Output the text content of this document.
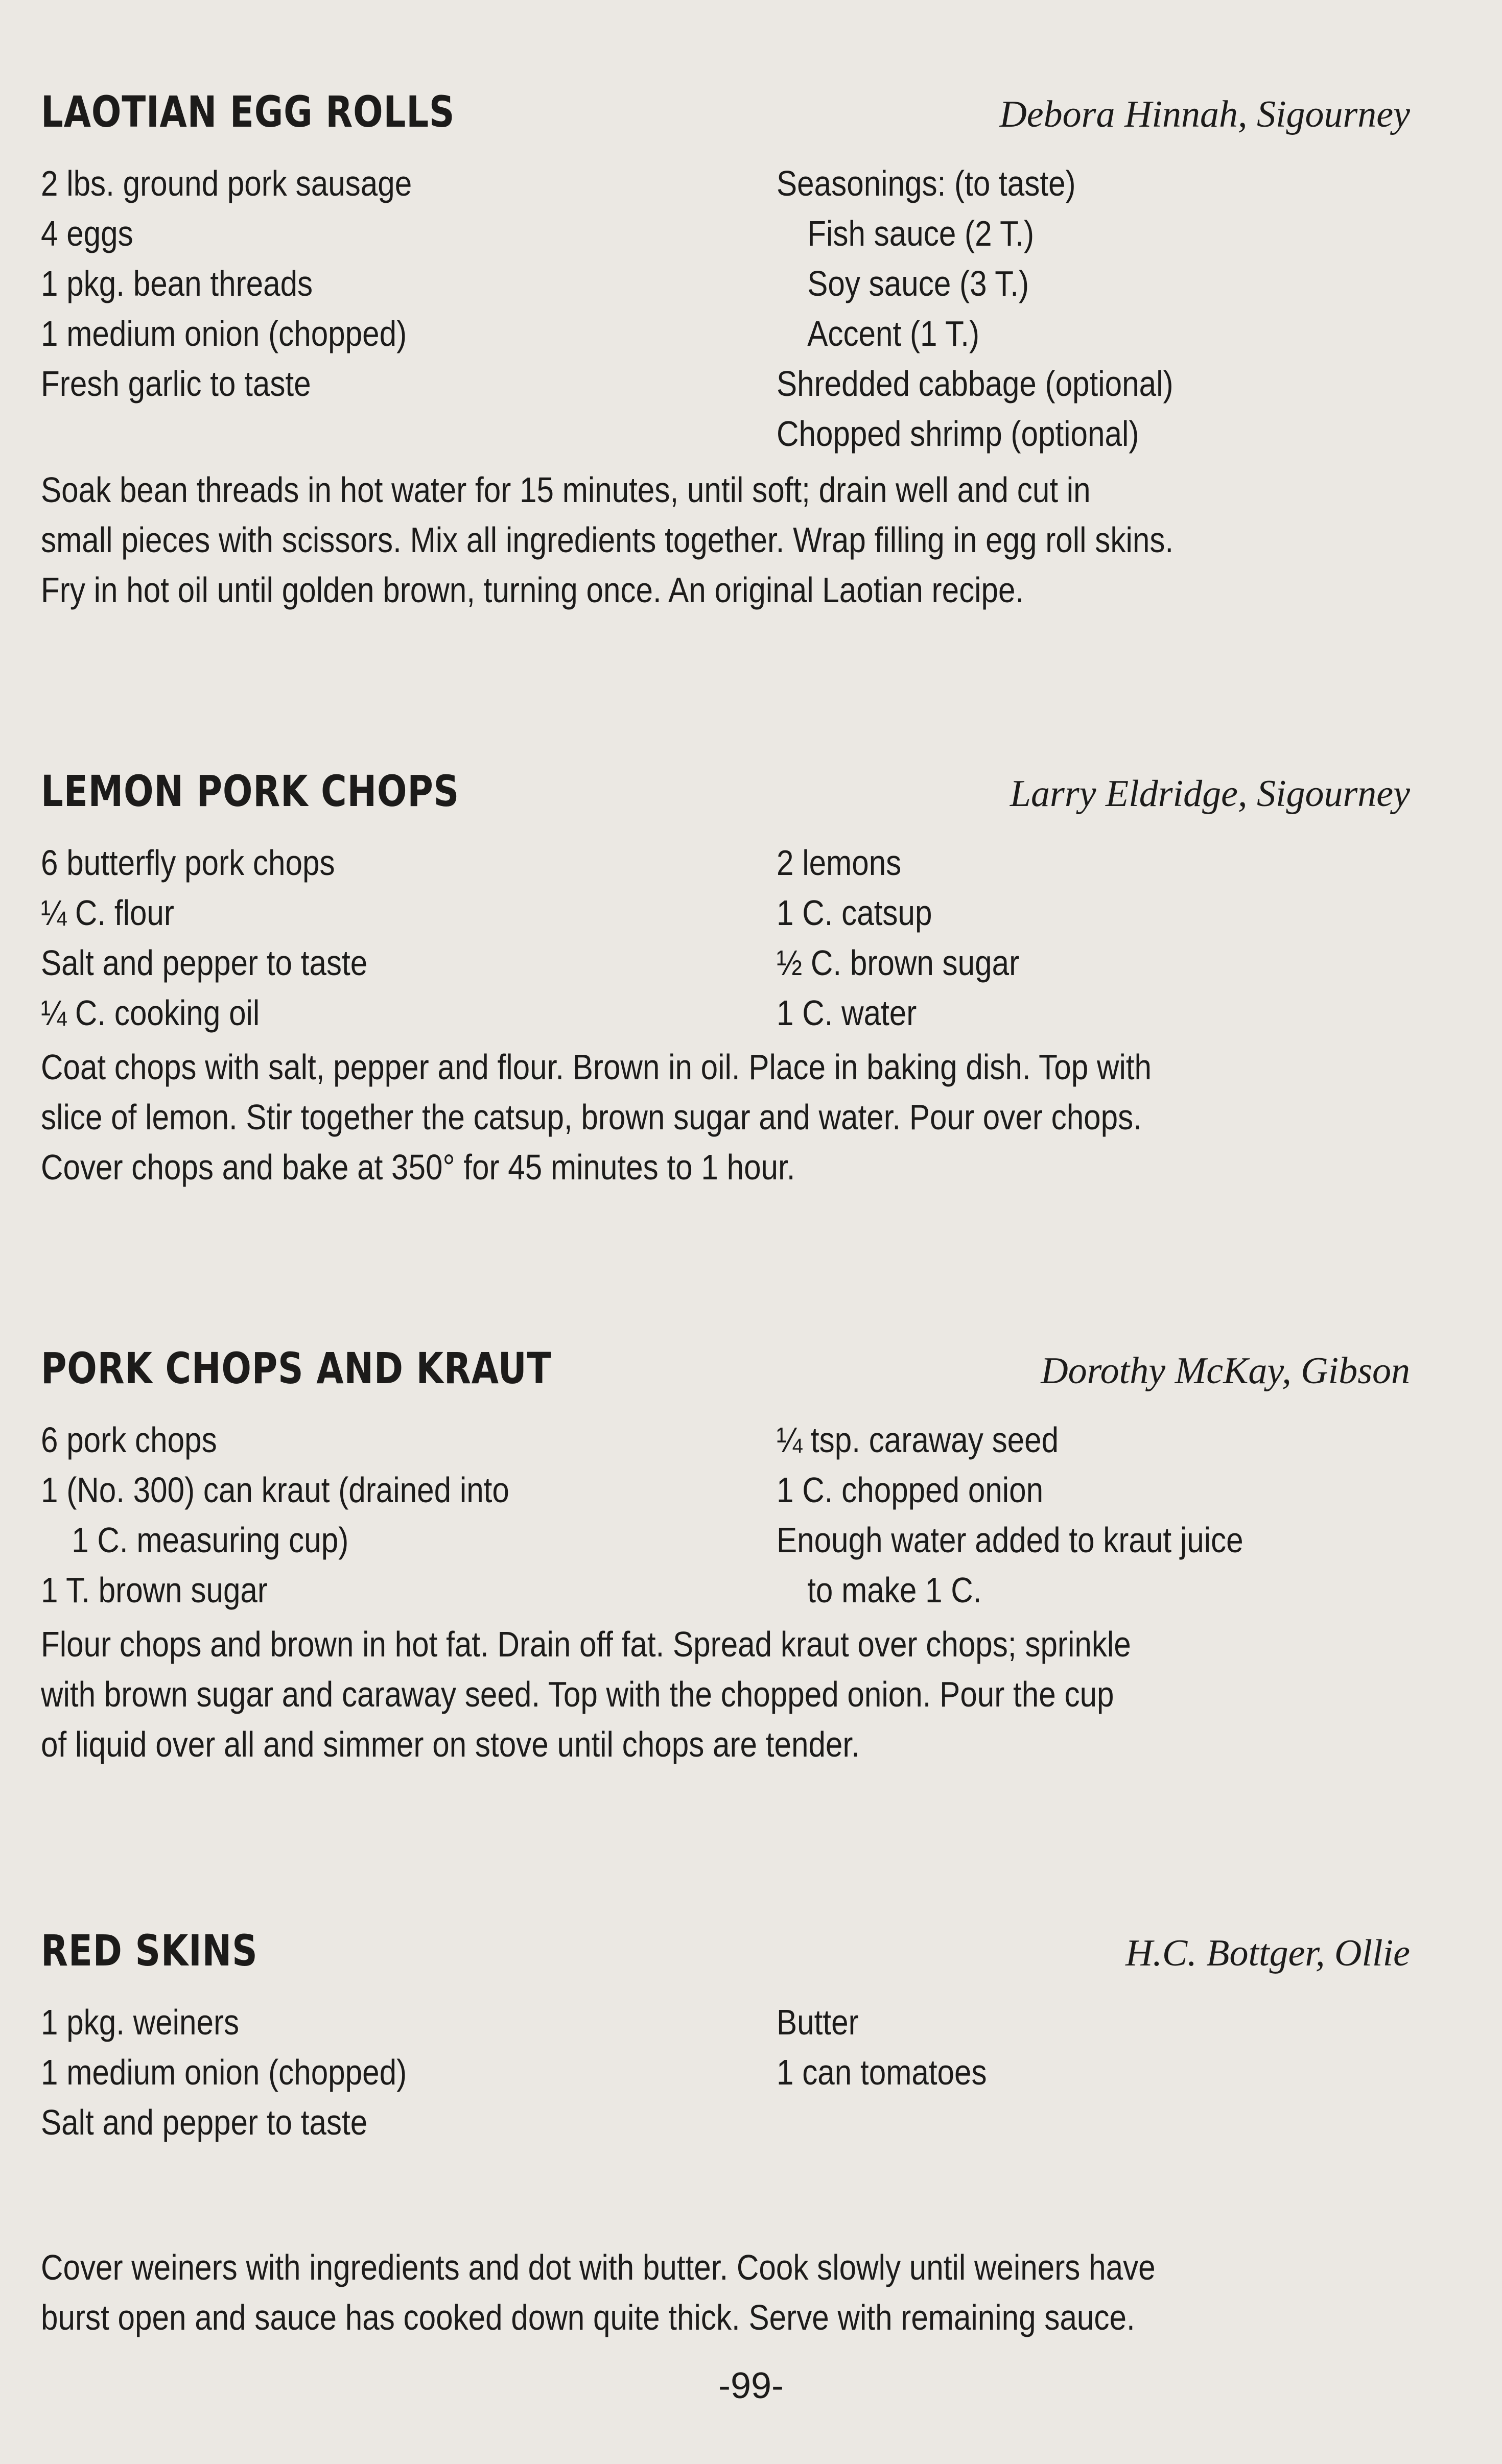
LAOTIAN EGG ROLLS	Debora Hinnah, Sigourney
2 lbs. ground pork sausage
4 eggs
1 pkg. bean threads
1 medium onion (chopped)
Fresh garlic to taste
Seasonings: (to taste)
Fish sauce (2 T.)
Soy sauce (3 T.)
Accent (1 T.)
Shredded cabbage (optional)
Chopped shrimp (optional)
Soak bean threads in hot water for 15 minutes, until soft; drain well and cut in
small pieces with scissors. Mix all ingredients together. Wrap filling in egg roll skins.
Fry in hot oil until golden brown, turning once. An original Laotian recipe.
LEMON PORK CHOPS	Larry Eldridge, Sigourney
6 butterfly pork chops
¼ C. flour
Salt and pepper to taste
¼ C. cooking oil
2 lemons
1 C. catsup
½ C. brown sugar
1 C. water
Coat chops with salt, pepper and flour. Brown in oil. Place in baking dish. Top with
slice of lemon. Stir together the catsup, brown sugar and water. Pour over chops.
Cover chops and bake at 350° for 45 minutes to 1 hour.
PORK CHOPS AND KRAUT	Dorothy McKay, Gibson
6 pork chops
1 (No. 300) can kraut (drained into
1 C. measuring cup)
1 T. brown sugar
¼ tsp. caraway seed
1 C. chopped onion
Enough water added to kraut juice
to make 1 C.
Flour chops and brown in hot fat. Drain off fat. Spread kraut over chops; sprinkle
with brown sugar and caraway seed. Top with the chopped onion. Pour the cup
of liquid over all and simmer on stove until chops are tender.
RED SKINS	H.C. Bottger, Ollie
1 pkg. weiners
1 medium onion (chopped)
Salt and pepper to taste
Butter
1 can tomatoes
Cover weiners with ingredients and dot with butter. Cook slowly until weiners have
burst open and sauce has cooked down quite thick. Serve with remaining sauce.
-99-
